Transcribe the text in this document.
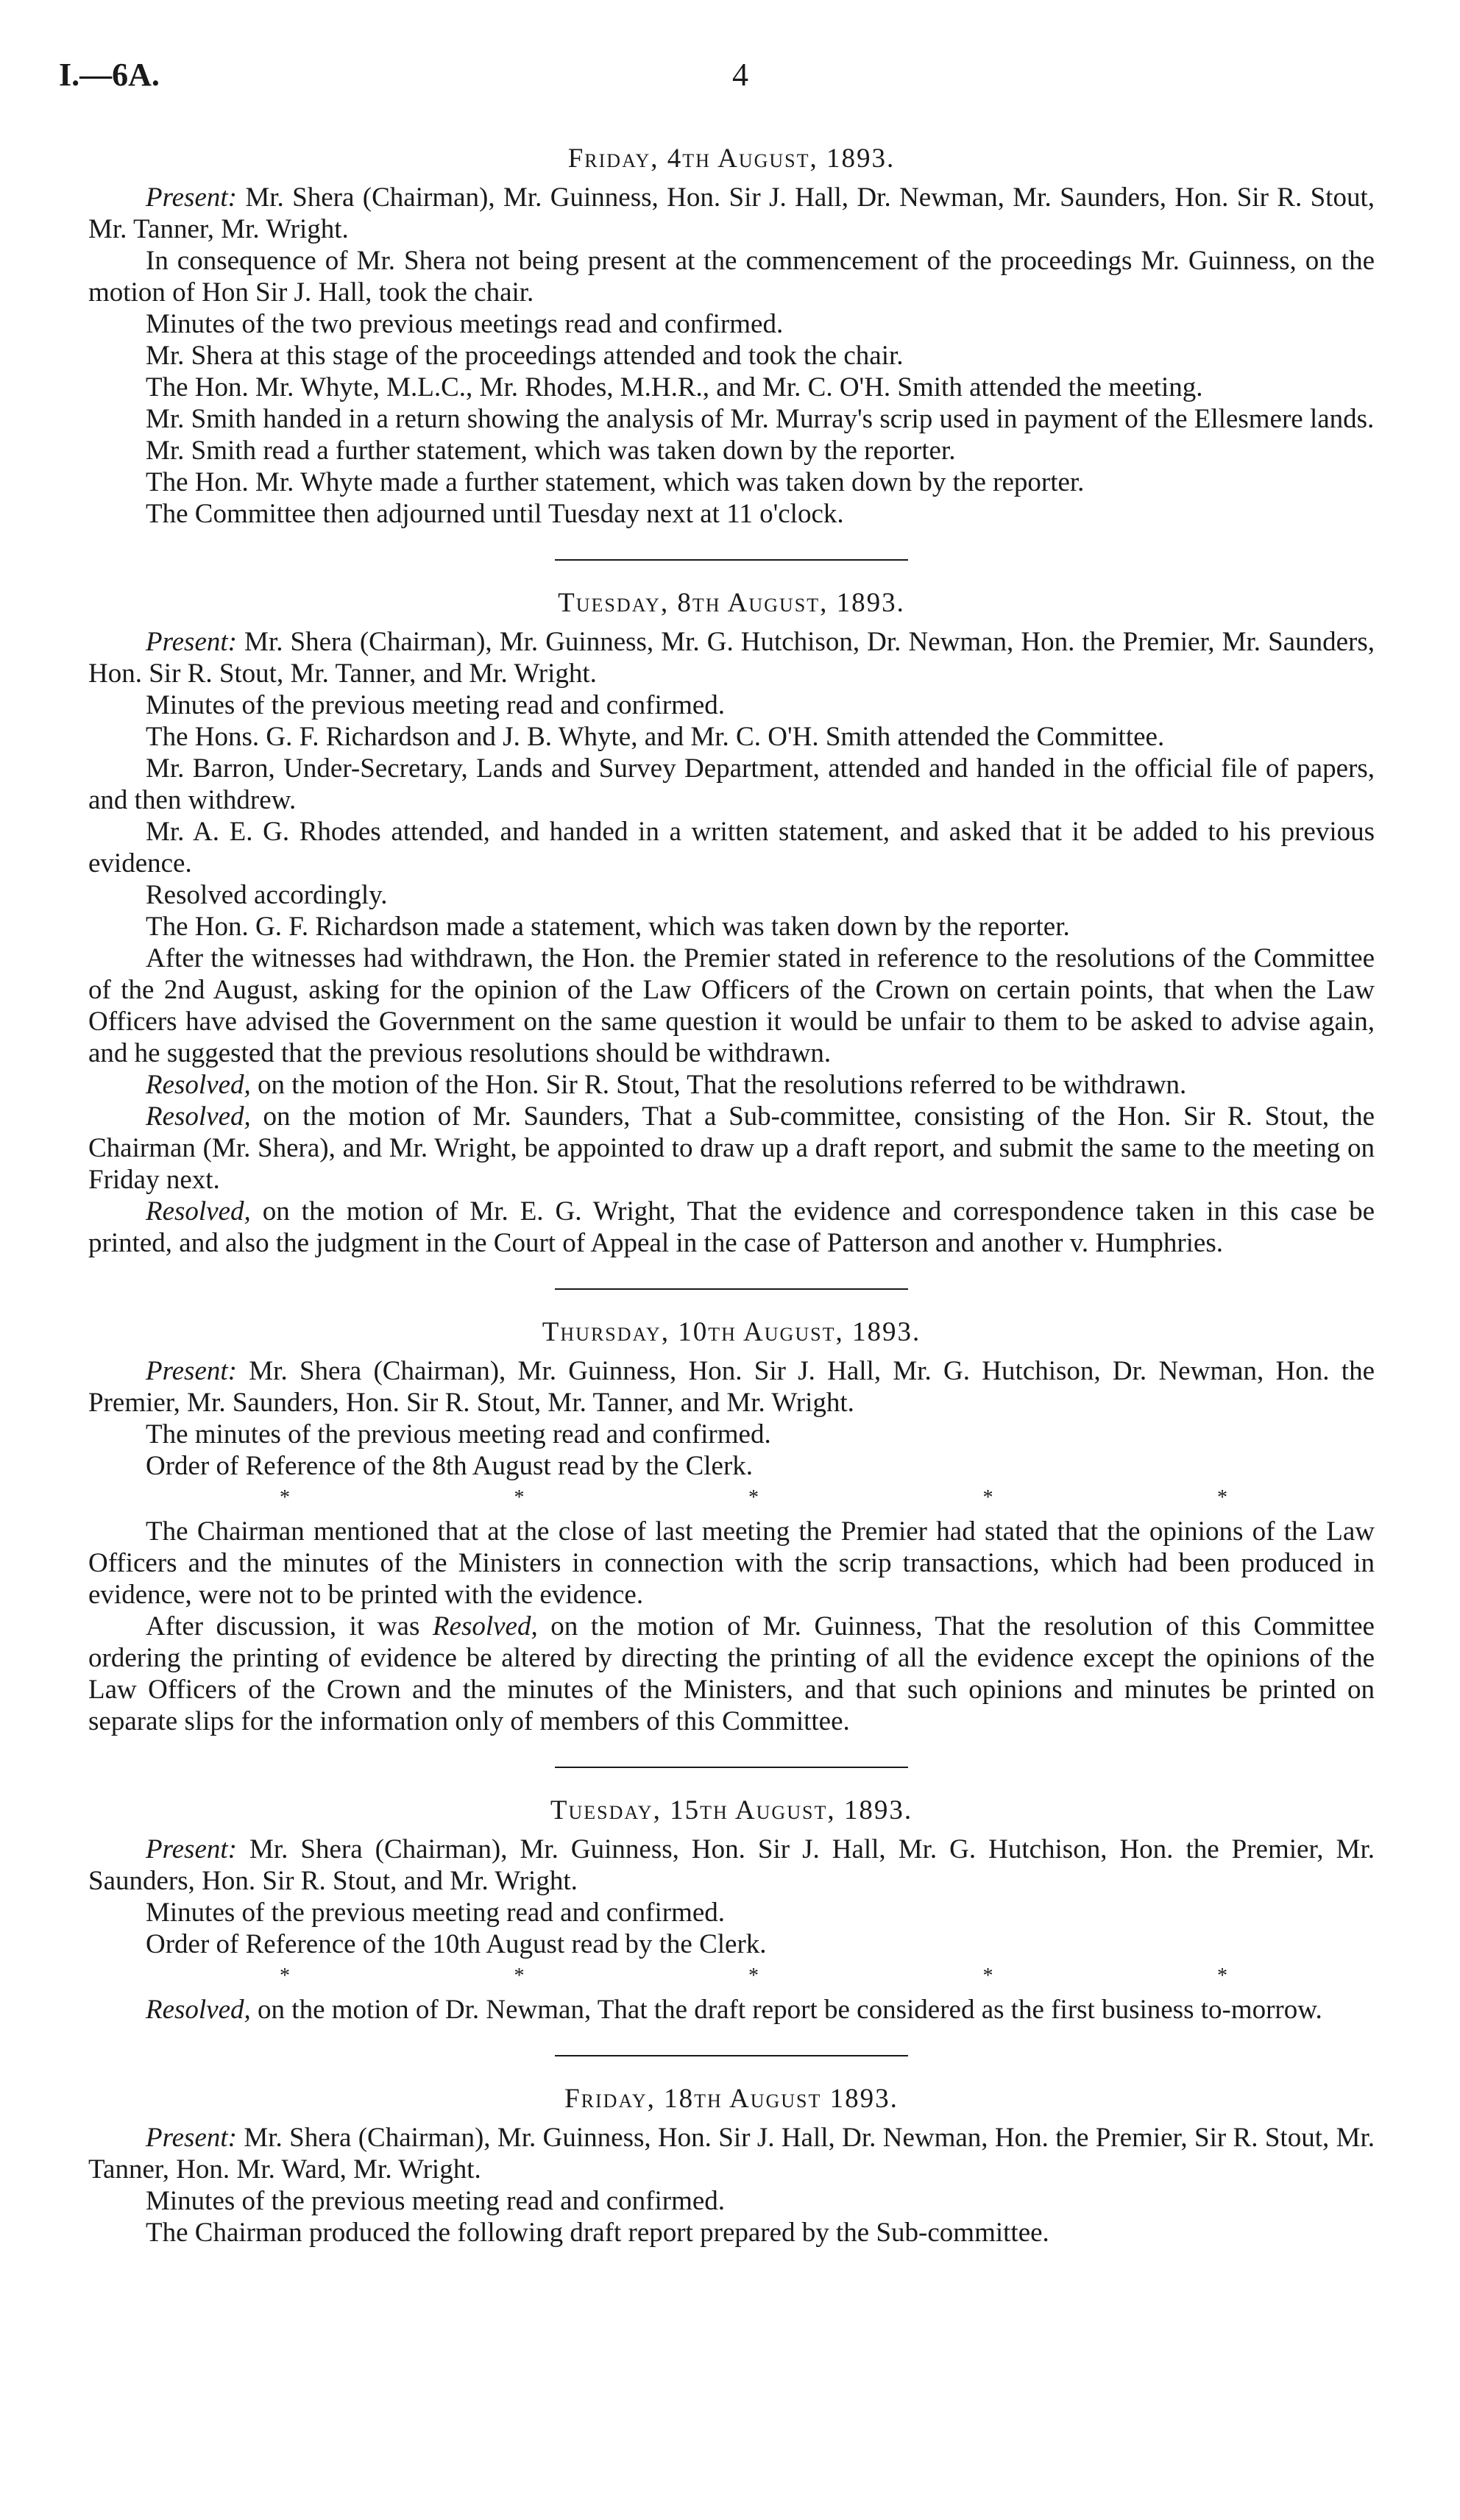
I.—6A.	4
Friday, 4th August, 1893.

Present: Mr. Shera (Chairman), Mr. Guinness, Hon. Sir J. Hall, Dr. Newman, Mr. Saunders, Hon. Sir R. Stout, Mr. Tanner, Mr. Wright.

In consequence of Mr. Shera not being present at the commencement of the proceedings Mr. Guinness, on the motion of Hon Sir J. Hall, took the chair.

Minutes of the two previous meetings read and confirmed.

Mr. Shera at this stage of the proceedings attended and took the chair.

The Hon. Mr. Whyte, M.L.C., Mr. Rhodes, M.H.R., and Mr. C. O'H. Smith attended the meeting.

Mr. Smith handed in a return showing the analysis of Mr. Murray's scrip used in payment of the Ellesmere lands.

Mr. Smith read a further statement, which was taken down by the reporter.

The Hon. Mr. Whyte made a further statement, which was taken down by the reporter.

The Committee then adjourned until Tuesday next at 11 o'clock.

Tuesday, 8th August, 1893.

Present: Mr. Shera (Chairman), Mr. Guinness, Mr. G. Hutchison, Dr. Newman, Hon. the Premier, Mr. Saunders, Hon. Sir R. Stout, Mr. Tanner, and Mr. Wright.

Minutes of the previous meeting read and confirmed.

The Hons. G. F. Richardson and J. B. Whyte, and Mr. C. O'H. Smith attended the Committee.

Mr. Barron, Under-Secretary, Lands and Survey Department, attended and handed in the official file of papers, and then withdrew.

Mr. A. E. G. Rhodes attended, and handed in a written statement, and asked that it be added to his previous evidence.

Resolved accordingly.

The Hon. G. F. Richardson made a statement, which was taken down by the reporter.

After the witnesses had withdrawn, the Hon. the Premier stated in reference to the resolutions of the Committee of the 2nd August, asking for the opinion of the Law Officers of the Crown on certain points, that when the Law Officers have advised the Government on the same question it would be unfair to them to be asked to advise again, and he suggested that the previous resolutions should be withdrawn.

Resolved, on the motion of the Hon. Sir R. Stout, That the resolutions referred to be withdrawn.

Resolved, on the motion of Mr. Saunders, That a Sub-committee, consisting of the Hon. Sir R. Stout, the Chairman (Mr. Shera), and Mr. Wright, be appointed to draw up a draft report, and submit the same to the meeting on Friday next.

Resolved, on the motion of Mr. E. G. Wright, That the evidence and correspondence taken in this case be printed, and also the judgment in the Court of Appeal in the case of Patterson and another v. Humphries.

Thursday, 10th August, 1893.

Present: Mr. Shera (Chairman), Mr. Guinness, Hon. Sir J. Hall, Mr. G. Hutchison, Dr. Newman, Hon. the Premier, Mr. Saunders, Hon. Sir R. Stout, Mr. Tanner, and Mr. Wright.

The minutes of the previous meeting read and confirmed.

Order of Reference of the 8th August read by the Clerk.

*	*	*	*	*

The Chairman mentioned that at the close of last meeting the Premier had stated that the opinions of the Law Officers and the minutes of the Ministers in connection with the scrip transactions, which had been produced in evidence, were not to be printed with the evidence.

After discussion, it was Resolved, on the motion of Mr. Guinness, That the resolution of this Committee ordering the printing of evidence be altered by directing the printing of all the evidence except the opinions of the Law Officers of the Crown and the minutes of the Ministers, and that such opinions and minutes be printed on separate slips for the information only of members of this Committee.

Tuesday, 15th August, 1893.

Present: Mr. Shera (Chairman), Mr. Guinness, Hon. Sir J. Hall, Mr. G. Hutchison, Hon. the Premier, Mr. Saunders, Hon. Sir R. Stout, and Mr. Wright.

Minutes of the previous meeting read and confirmed.

Order of Reference of the 10th August read by the Clerk.

*	*	*	*	*

Resolved, on the motion of Dr. Newman, That the draft report be considered as the first business to-morrow.

Friday, 18th August 1893.

Present: Mr. Shera (Chairman), Mr. Guinness, Hon. Sir J. Hall, Dr. Newman, Hon. the Premier, Sir R. Stout, Mr. Tanner, Hon. Mr. Ward, Mr. Wright.

Minutes of the previous meeting read and confirmed.

The Chairman produced the following draft report prepared by the Sub-committee.
